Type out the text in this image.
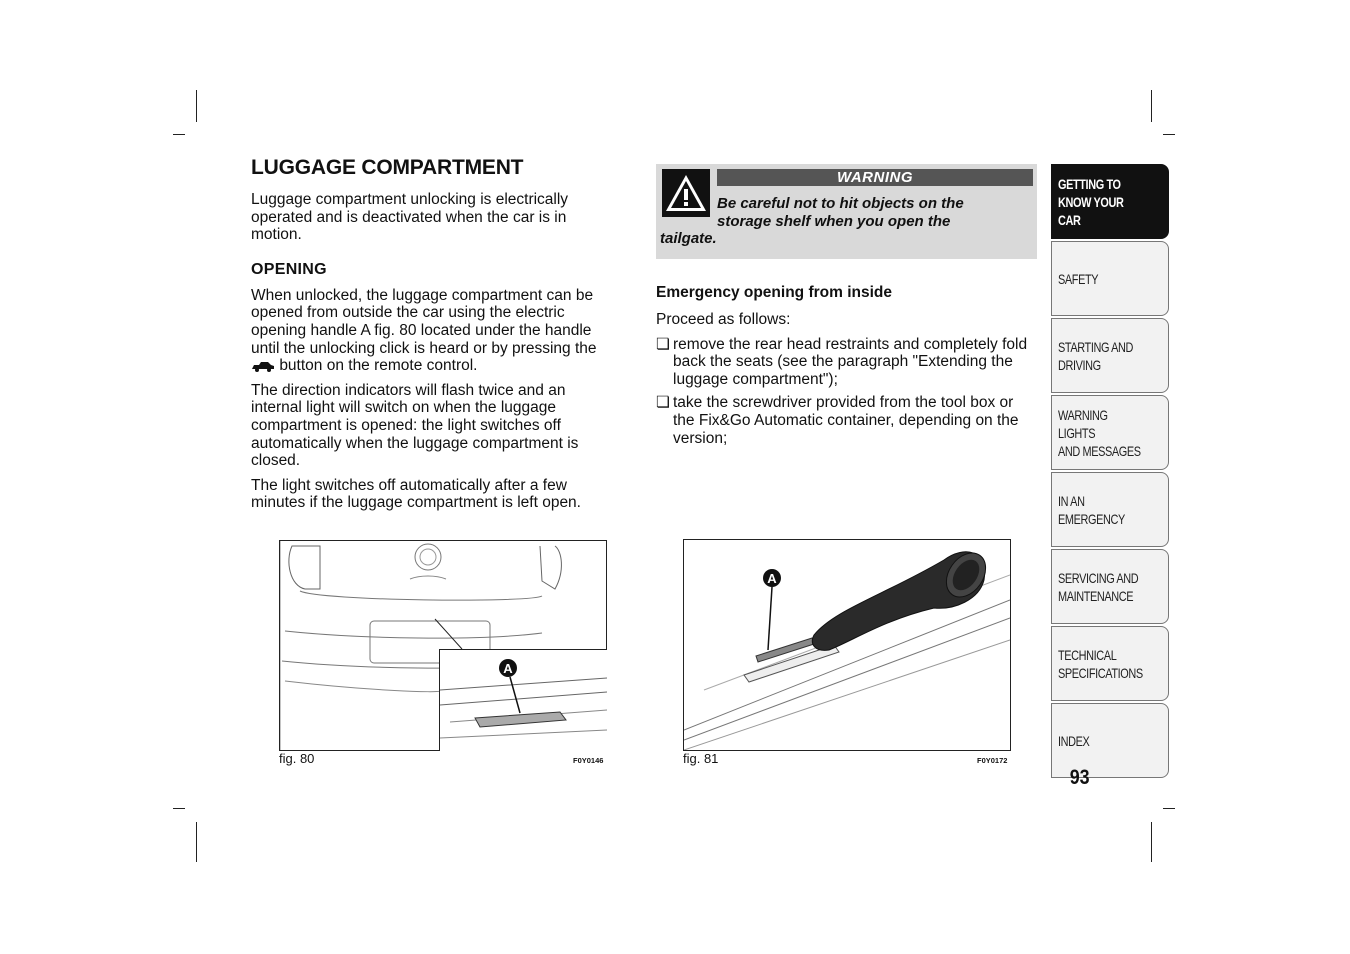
LUGGAGE COMPARTMENT

Luggage compartment unlocking is electrically operated and is deactivated when the car is in motion.

OPENING

When unlocked, the luggage compartment can be opened from outside the car using the electric opening handle A fig. 80 located under the handle until the unlocking click is heard or by pressing the  button on the remote control.

The direction indicators will flash twice and an internal light will switch on when the luggage compartment is opened: the light switches off automatically when the luggage compartment is closed.

The light switches off automatically after a few minutes if the luggage compartment is left open.

A
fig. 80	F0Y0146
WARNING
Be careful not to hit objects on the
storage shelf when you open the
tailgate.
Emergency opening from inside

Proceed as follows:

❏ remove the rear head restraints and completely fold back the seats (see the paragraph "Extending the luggage compartment");
❏ take the screwdriver provided from the tool box or the Fix&Go Automatic container, depending on the version;
A
fig. 81	F0Y0172
GETTING TO
KNOW YOUR CAR
SAFETY
STARTING AND
DRIVING
WARNING LIGHTS
AND MESSAGES
IN AN EMERGENCY
SERVICING AND
MAINTENANCE
TECHNICAL
SPECIFICATIONS
INDEX
93
